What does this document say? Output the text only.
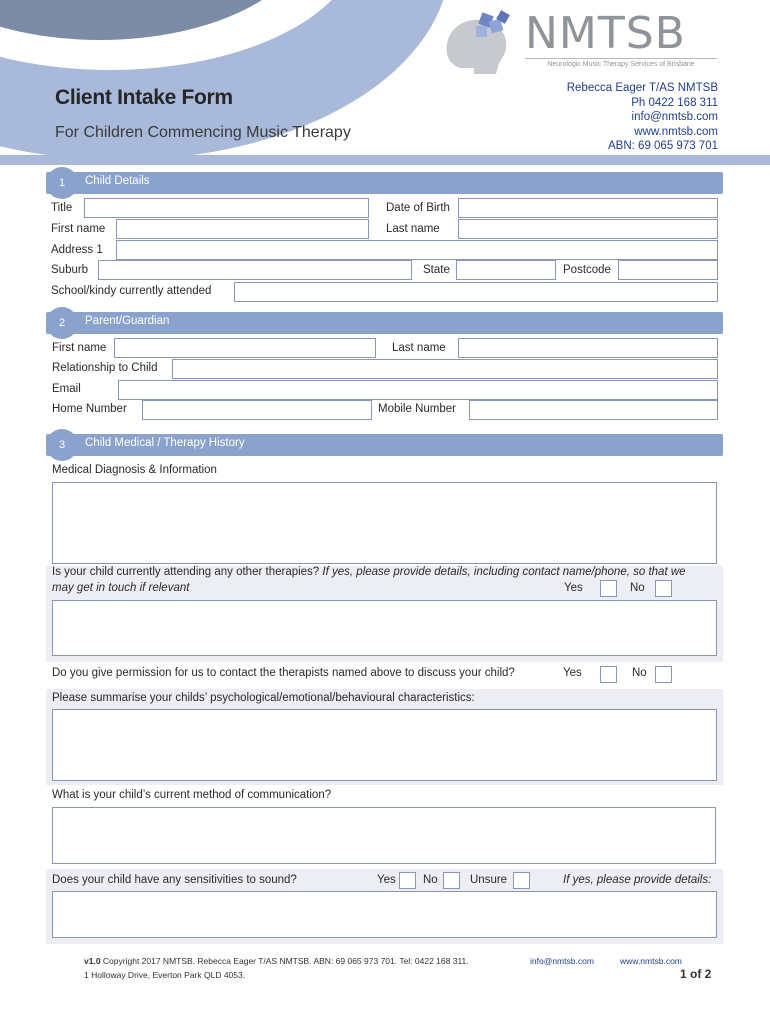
Client Intake Form
For Children Commencing Music Therapy
NMTSB
Neurologic Music Therapy Services of Brisbane
Rebecca Eager T/AS NMTSB
Ph 0422 168 311
info@nmtsb.com
www.nmtsb.com
ABN: 69 065 973 701
1	Child Details
Title	Date of Birth
First name	Last name
Address 1
Suburb	State	Postcode
School/kindy currently attended
2	Parent/Guardian
First name	Last name
Relationship to Child
Email
Home Number	Mobile Number
3	Child Medical / Therapy History
Medical Diagnosis & Information
Is your child currently attending any other therapies? If yes, please provide details, including contact name/phone, so that we
may get in touch if relevant	Yes	No
Do you give permission for us to contact the therapists named above to discuss your child?	Yes	No
Please summarise your childs’ psychological/emotional/behavioural characteristics:
What is your child’s current method of communication?
Does your child have any sensitivities to sound?	Yes No	Unsure	If yes, please provide details:
v1.0 Copyright 2017 NMTSB. Rebecca Eager T/AS NMTSB. ABN: 69 065 973 701. Tel: 0422 168 311.	info@nmtsb.com	www.nmtsb.com
1 Holloway Drive, Everton Park QLD 4053.	1 of 2
